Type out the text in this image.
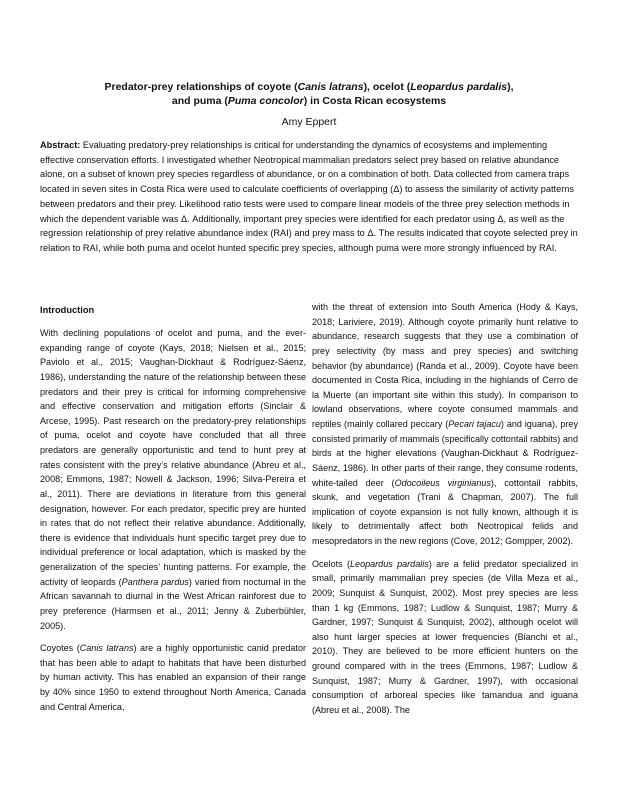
Predator-prey relationships of coyote (Canis latrans), ocelot (Leopardus pardalis),
and puma (Puma concolor) in Costa Rican ecosystems
Amy Eppert
Abstract: Evaluating predatory-prey relationships is critical for understanding the dynamics of ecosystems and implementing effective conservation efforts. I investigated whether Neotropical mammalian predators select prey based on relative abundance alone, on a subset of known prey species regardless of abundance, or on a combination of both. Data collected from camera traps located in seven sites in Costa Rica were used to calculate coefficients of overlapping (Δ) to assess the similarity of activity patterns between predators and their prey. Likelihood ratio tests were used to compare linear models of the three prey selection methods in which the dependent variable was Δ. Additionally, important prey species were identified for each predator using Δ, as well as the regression relationship of prey relative abundance index (RAI) and prey mass to Δ. The results indicated that coyote selected prey in relation to RAI, while both puma and ocelot hunted specific prey species, although puma were more strongly influenced by RAI.
Introduction

With declining populations of ocelot and puma, and the ever-expanding range of coyote (Kays, 2018; Nielsen et al., 2015; Paviolo et al., 2015; Vaughan-Dickhaut & Rodríguez-Sáenz, 1986), understanding the nature of the relationship between these predators and their prey is critical for informing comprehensive and effective conservation and mitigation efforts (Sinclair & Arcese, 1995). Past research on the predatory-prey relationships of puma, ocelot and coyote have concluded that all three predators are generally opportunistic and tend to hunt prey at rates consistent with the prey’s relative abundance (Abreu et al., 2008; Emmons, 1987; Nowell & Jackson, 1996; Silva-Pereira et al., 2011). There are deviations in literature from this general designation, however. For each predator, specific prey are hunted in rates that do not reflect their relative abundance. Additionally, there is evidence that individuals hunt specific target prey due to individual preference or local adaptation, which is masked by the generalization of the species’ hunting patterns. For example, the activity of leopards (Panthera pardus) varied from nocturnal in the African savannah to diurnal in the West African rainforest due to prey preference (Harmsen et al., 2011; Jenny & Zuberbühler, 2005).

Coyotes (Canis latrans) are a highly opportunistic canid predator that has been able to adapt to habitats that have been disturbed by human activity. This has enabled an expansion of their range by 40% since 1950 to extend throughout North America, Canada and Central America,

with the threat of extension into South America (Hody & Kays, 2018; Lariviere, 2019). Although coyote primarily hunt relative to abundance, research suggests that they use a combination of prey selectivity (by mass and prey species) and switching behavior (by abundance) (Randa et al., 2009). Coyote have been documented in Costa Rica, including in the highlands of Cerro de la Muerte (an important site within this study). In comparison to lowland observations, where coyote consumed mammals and reptiles (mainly collared peccary (Pecari tajacu) and iguana), prey consisted primarily of mammals (specifically cottontail rabbits) and birds at the higher elevations (Vaughan-Dickhaut & Rodríguez-Sáenz, 1986). In other parts of their range, they consume rodents, white-tailed deer (Odocoileus virginianus), cottontail rabbits, skunk, and vegetation (Trani & Chapman, 2007). The full implication of coyote expansion is not fully known, although it is likely to detrimentally affect both Neotropical felids and mesopredators in the new regions (Cove, 2012; Gompper, 2002).

Ocelots (Leopardus pardalis) are a felid predator specialized in small, primarily mammalian prey species (de Villa Meza et al., 2009; Sunquist & Sunquist, 2002). Most prey species are less than 1 kg (Emmons, 1987; Ludlow & Sunquist, 1987; Murry & Gardner, 1997; Sunquist & Sunquist, 2002), although ocelot will also hunt larger species at lower frequencies (Bianchi et al., 2010). They are believed to be more efficient hunters on the ground compared with in the trees (Emmons, 1987; Ludlow & Sunquist, 1987; Murry & Gardner, 1997), with occasional consumption of arboreal species like tamandua and iguana (Abreu et al., 2008). The
